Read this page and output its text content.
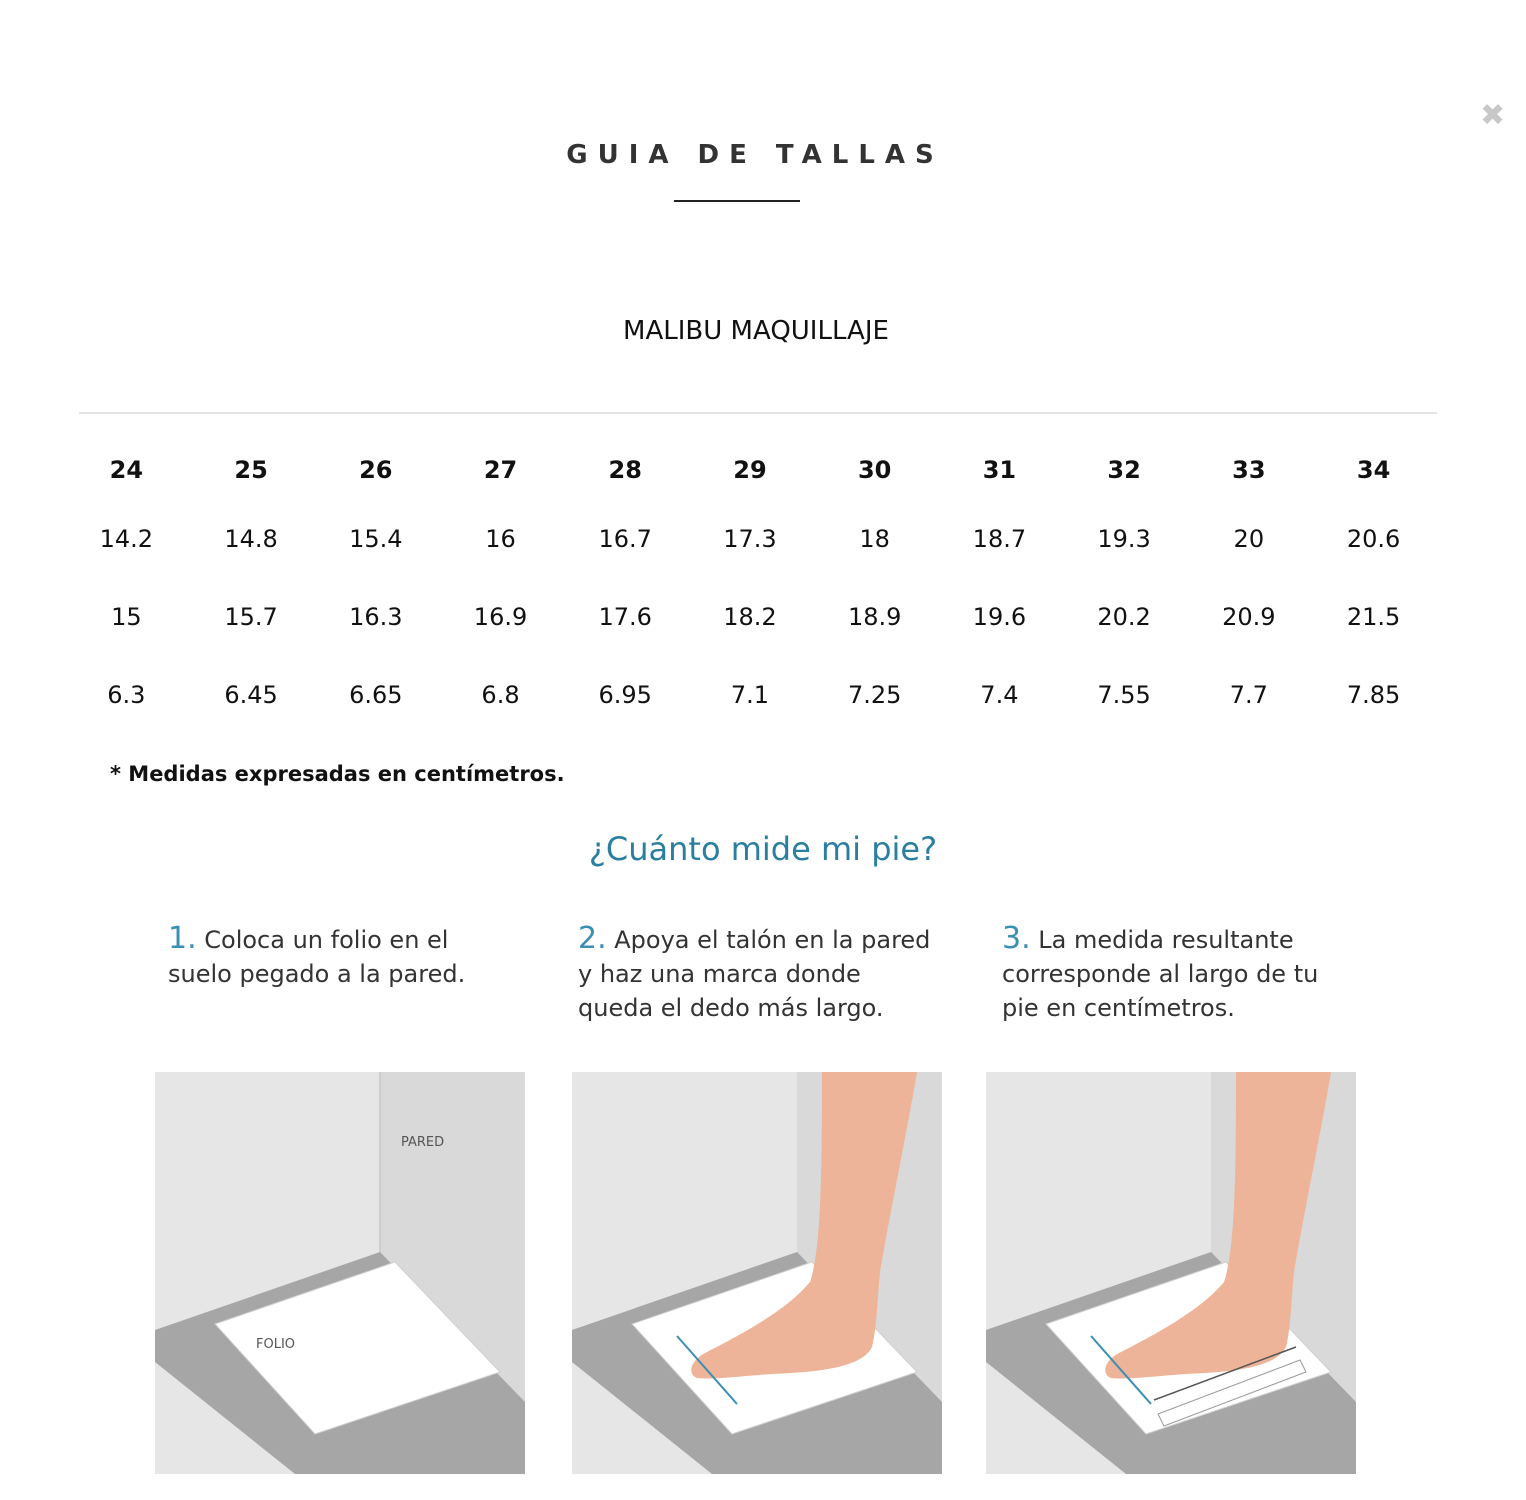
✖
GUIA DE TALLAS
MALIBU MAQUILLAJE
24	25	26	27	28	29	30	31	32	33	34
14.2	14.8	15.4	16	16.7	17.3	18	18.7	19.3	20	20.6
15	15.7	16.3	16.9	17.6	18.2	18.9	19.6	20.2	20.9	21.5
6.3	6.45	6.65	6.8	6.95	7.1	7.25	7.4	7.55	7.7	7.85
* Medidas expresadas en centímetros.
¿Cuánto mide mi pie?
1. Coloca un folio en el
suelo pegado a la pared.
2. Apoya el talón en la pared
y haz una marca donde
queda el dedo más largo.
3. La medida resultante
corresponde al largo de tu
pie en centímetros.
PARED
FOLIO
